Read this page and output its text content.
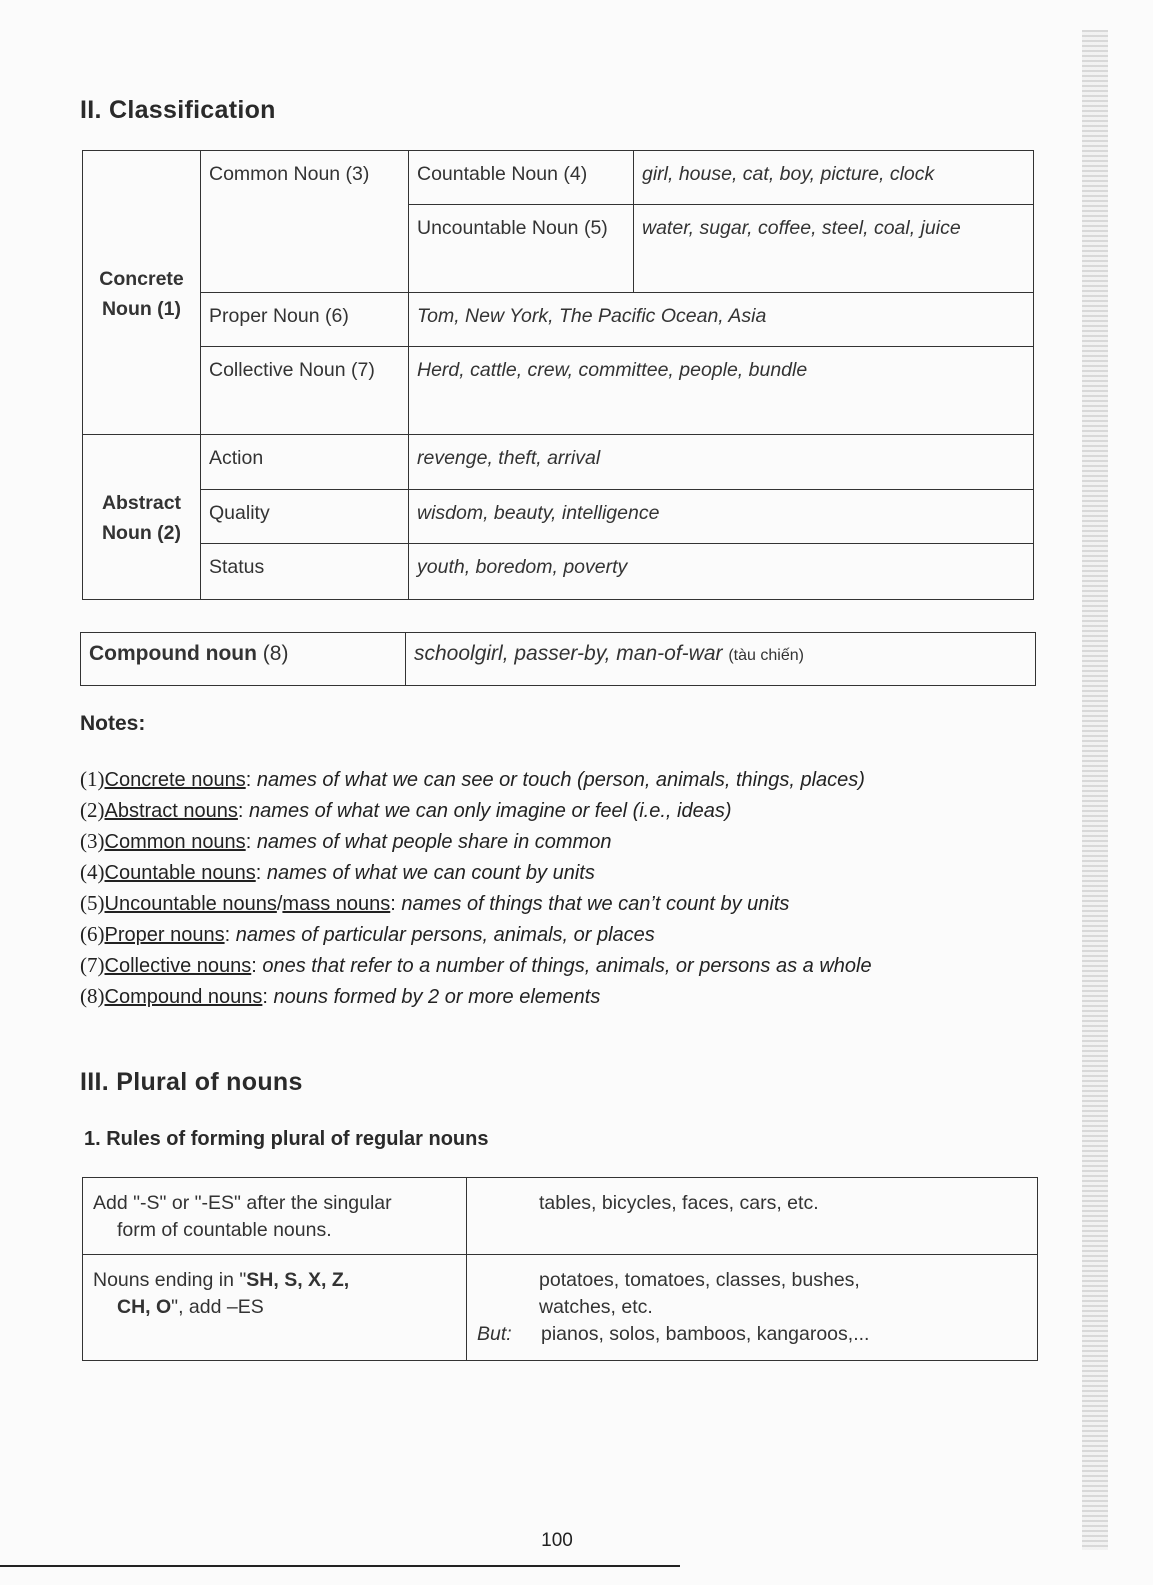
II. Classification
Concrete
Noun (1)	Common Noun (3)	Countable Noun (4)	girl, house, cat, boy, picture, clock
		Uncountable Noun (5)	water, sugar, coffee, steel, coal, juice
	Proper Noun (6)	Tom, New York, The Pacific Ocean, Asia	
	Collective Noun (7)	Herd, cattle, crew, committee, people, bundle	
Abstract
Noun (2)	Action	revenge, theft, arrival	
	Quality	wisdom, beauty, intelligence	
	Status	youth, boredom, poverty	
Compound noun (8)	schoolgirl, passer-by, man-of-war (tàu chiến)
Notes:
(1)Concrete nouns: names of what we can see or touch (person, animals, things, places)
(2)Abstract nouns: names of what we can only imagine or feel (i.e., ideas)
(3)Common nouns: names of what people share in common
(4)Countable nouns: names of what we can count by units
(5)Uncountable nouns/mass nouns: names of things that we can’t count by units
(6)Proper nouns: names of particular persons, animals, or places
(7)Collective nouns: ones that refer to a number of things, animals, or persons as a whole
(8)Compound nouns: nouns formed by 2 or more elements
III. Plural of nouns
1. Rules of forming plural of regular nouns
Add "-S" or "-ES" after the singular
form of countable nouns.	tables, bicycles, faces, cars, etc.

Nouns ending in "SH, S, X, Z,
CH, O", add –ES	potatoes, tomatoes, classes, bushes,
watches, etc.
But: pianos, solos, bamboos, kangaroos,...
100
